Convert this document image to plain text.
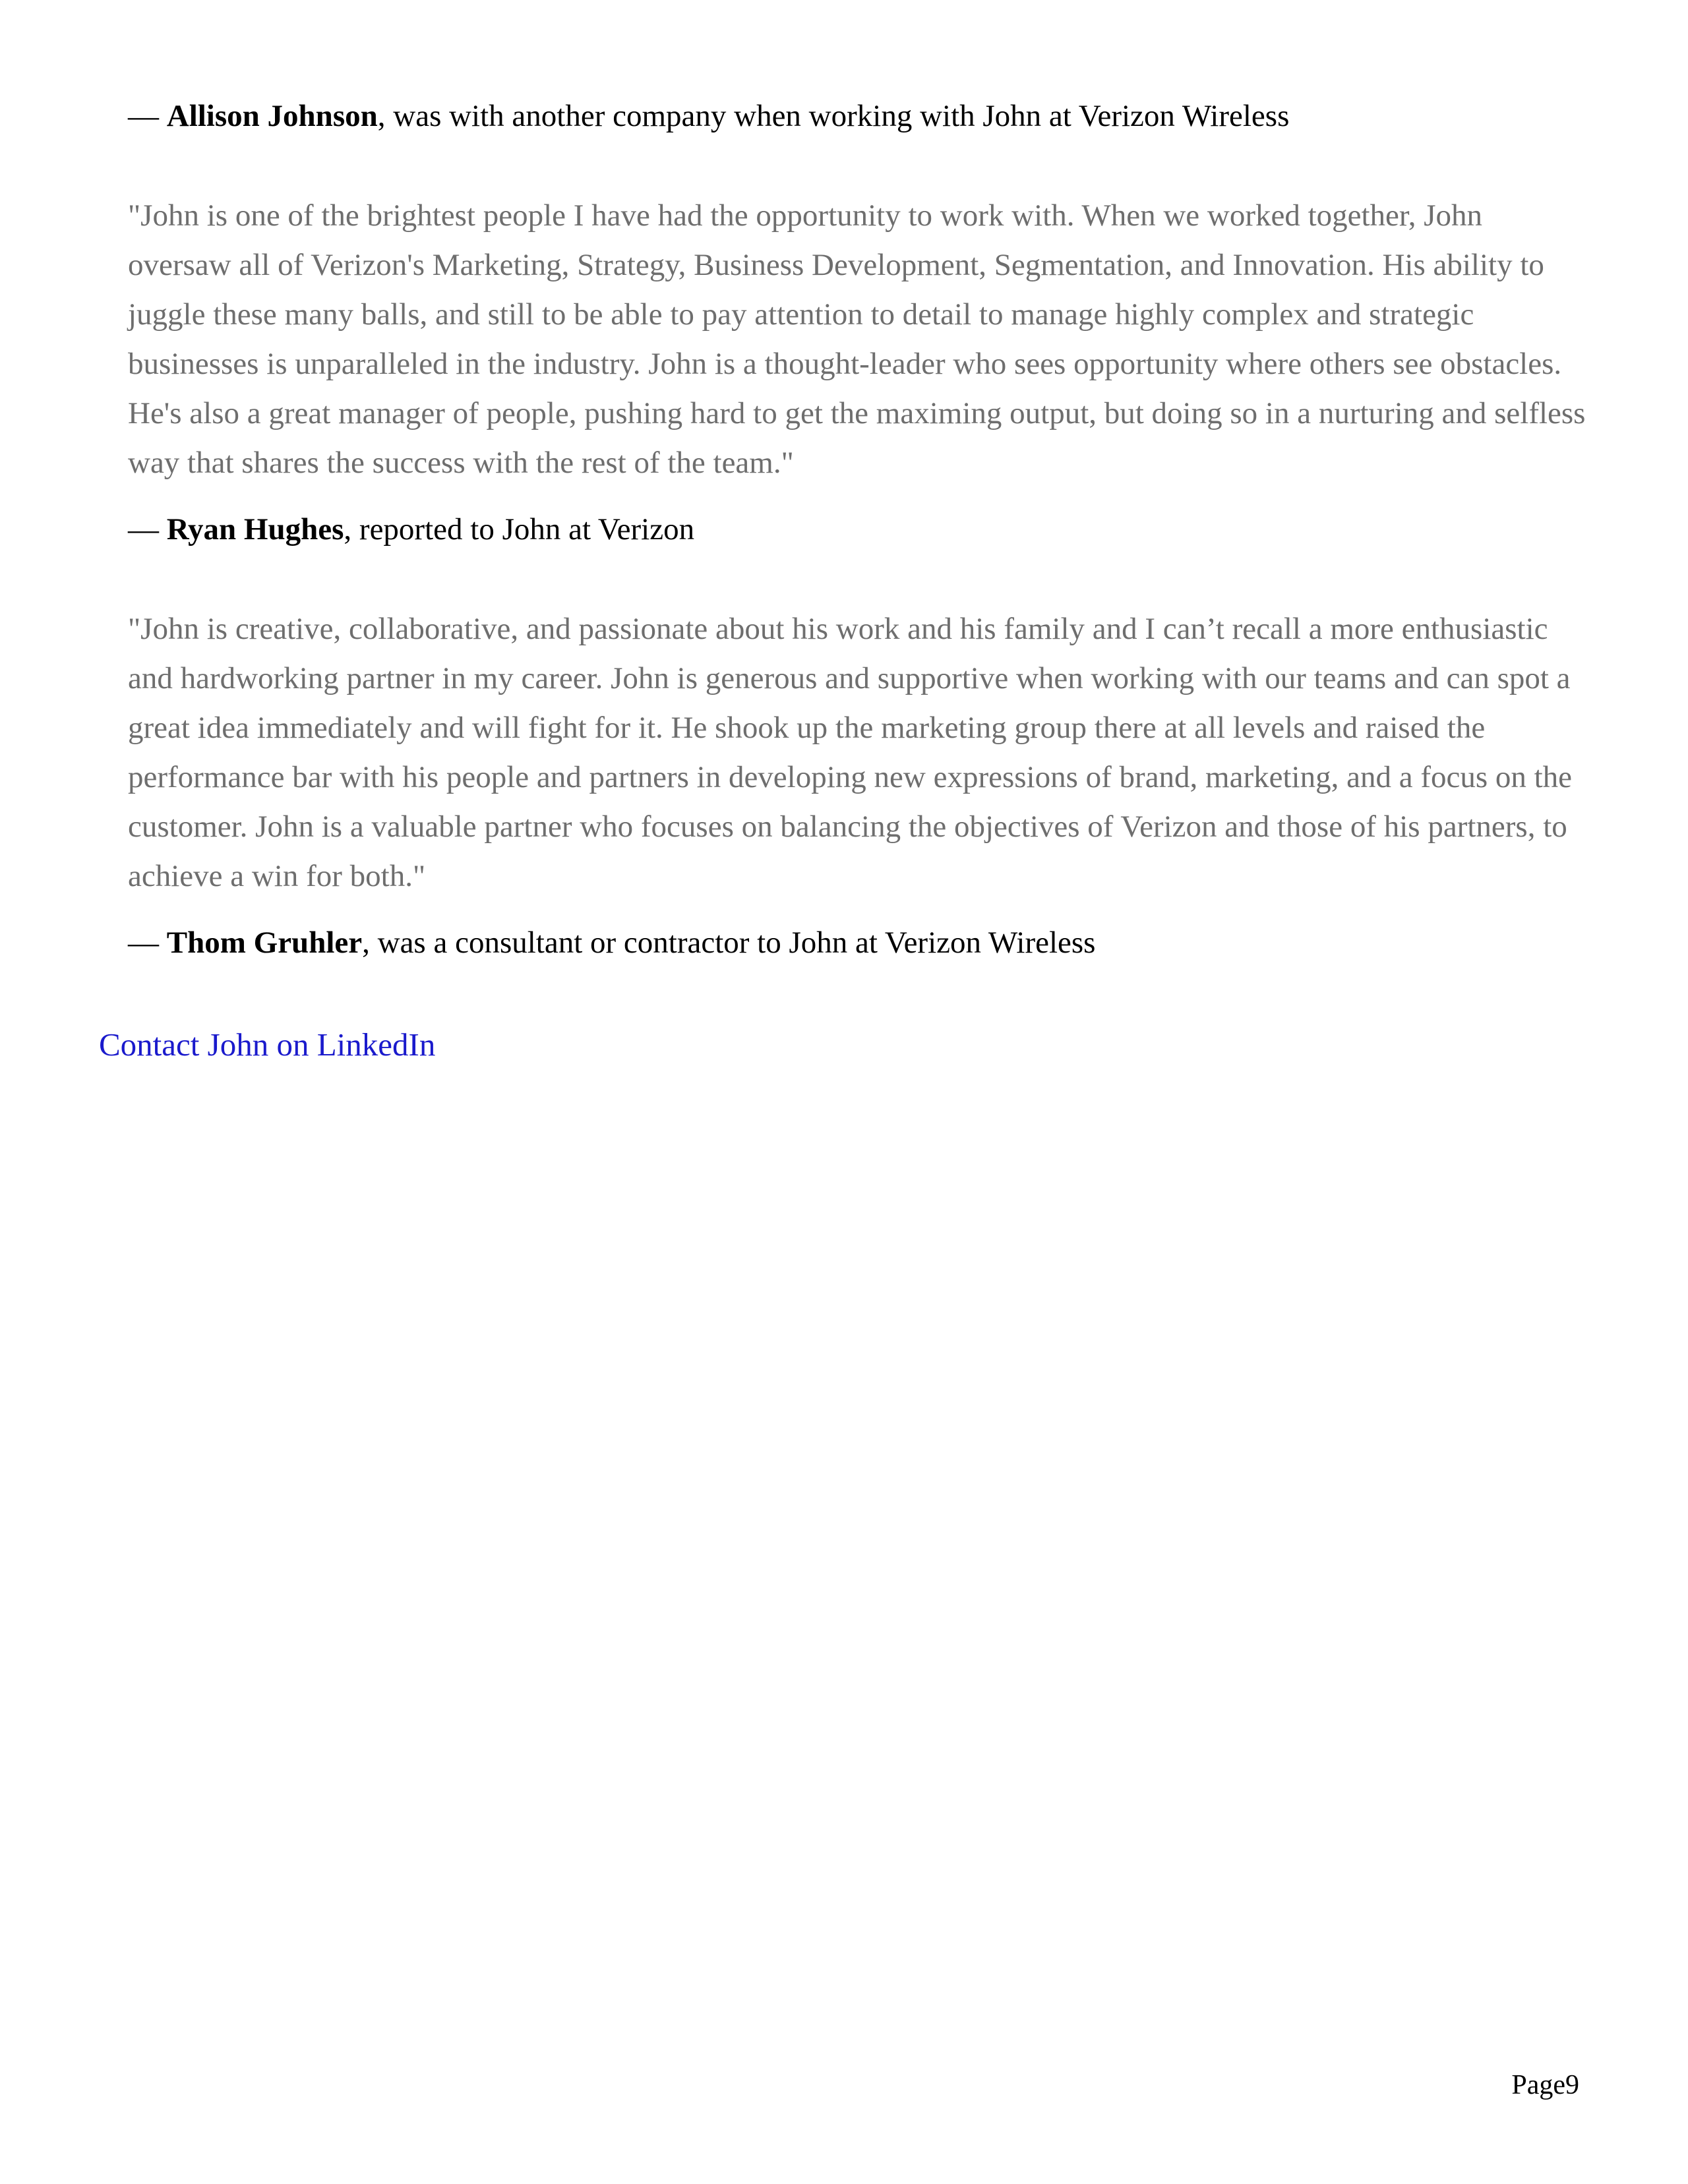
— Allison Johnson, was with another company when working with John at Verizon Wireless
"John is one of the brightest people I have had the opportunity to work with. When we worked together, John oversaw all of Verizon's Marketing, Strategy, Business Development, Segmentation, and Innovation. His ability to juggle these many balls, and still to be able to pay attention to detail to manage highly complex and strategic businesses is unparalleled in the industry. John is a thought-leader who sees opportunity where others see obstacles. He's also a great manager of people, pushing hard to get the maximing output, but doing so in a nurturing and selfless way that shares the success with the rest of the team."
— Ryan Hughes, reported to John at Verizon
"John is creative, collaborative, and passionate about his work and his family and I can’t recall a more enthusiastic and hardworking partner in my career. John is generous and supportive when working with our teams and can spot a great idea immediately and will fight for it. He shook up the marketing group there at all levels and raised the performance bar with his people and partners in developing new expressions of brand, marketing, and a focus on the customer. John is a valuable partner who focuses on balancing the objectives of Verizon and those of his partners, to achieve a win for both."
— Thom Gruhler, was a consultant or contractor to John at Verizon Wireless
Contact John on LinkedIn
Page9
